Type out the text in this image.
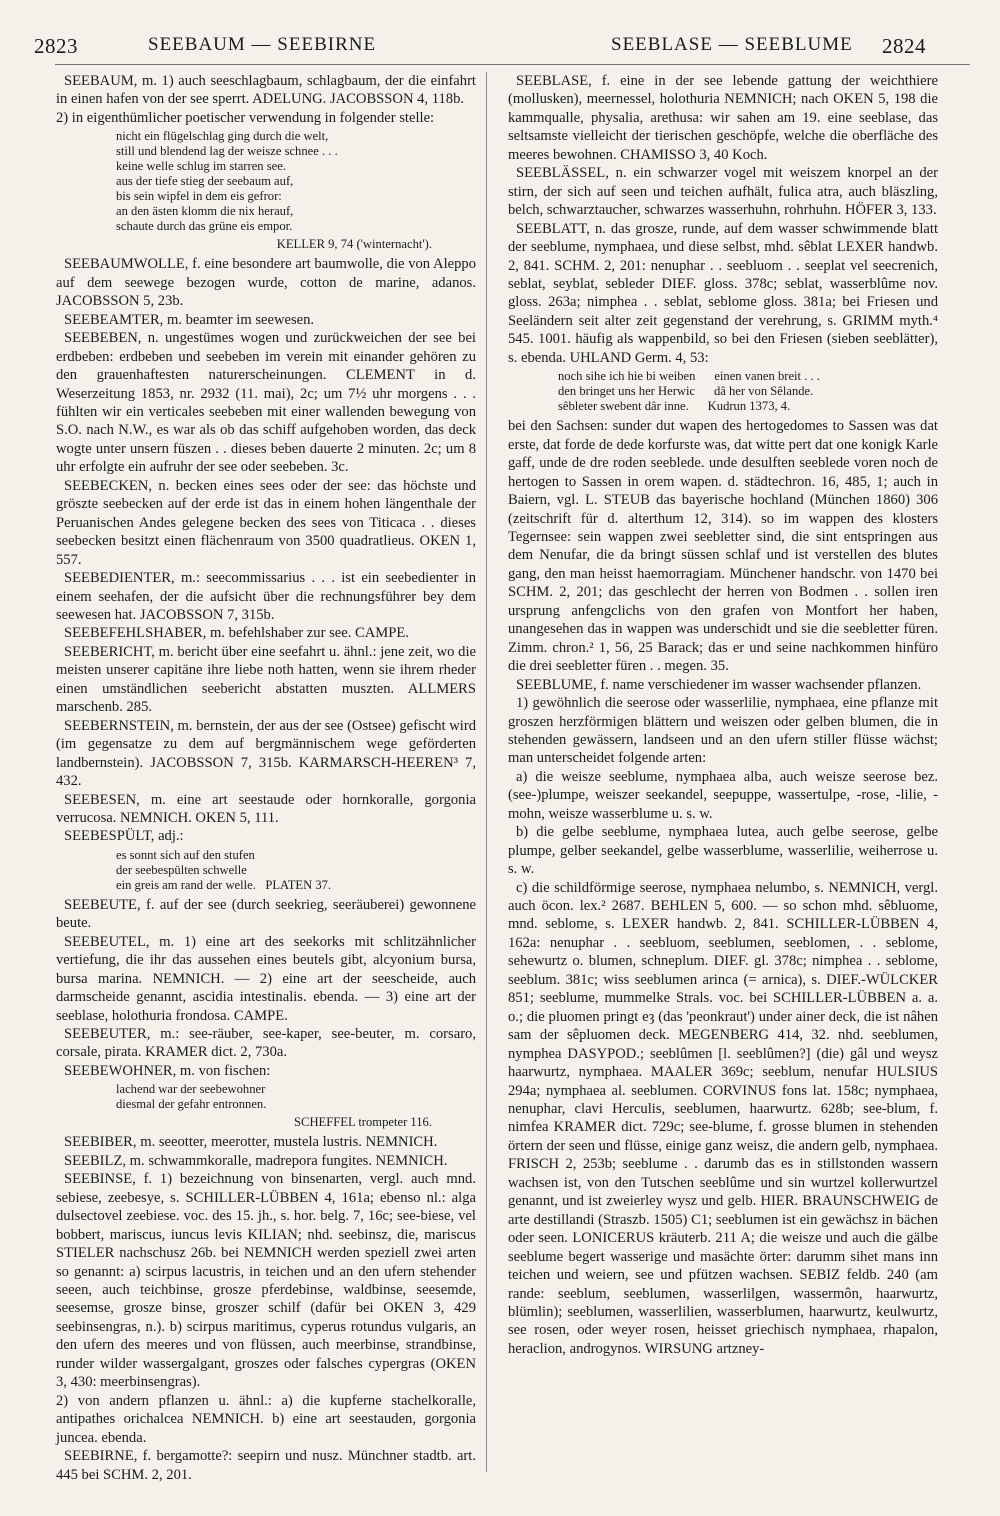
2823	SEEBAUM — SEEBIRNE	SEEBLASE — SEEBLUME 2824

SEEBAUM, m. 1) auch seeschlagbaum, schlagbaum, der die einfahrt in einen hafen von der see sperrt. ADELUNG. JACOBSSON 4, 118b.

2) in eigenthümlicher poetischer verwendung in folgender stelle:

nicht ein flügelschlag ging durch die welt,
still und blendend lag der weisze schnee . . .
keine welle schlug im starren see.
aus der tiefe stieg der seebaum auf,
bis sein wipfel in dem eis gefror:
an den ästen klomm die nix herauf,
schaute durch das grüne eis empor.

KELLER 9, 74 ('winternacht').

SEEBAUMWOLLE, f. eine besondere art baumwolle, die von Aleppo auf dem seewege bezogen wurde, cotton de marine, adanos. JACOBSSON 5, 23b.

SEEBEAMTER, m. beamter im seewesen.

SEEBEBEN, n. ungestümes wogen und zurückweichen der see bei erdbeben: erdbeben und seebeben im verein mit einander gehören zu den grauenhaftesten naturerscheinungen. CLEMENT in d. Weserzeitung 1853, nr. 2932 (11. mai), 2c; um 7½ uhr morgens . . . fühlten wir ein verticales seebeben mit einer wallenden bewegung von S.O. nach N.W., es war als ob das schiff aufgehoben worden, das deck wogte unter unsern füszen . . dieses beben dauerte 2 minuten. 2c; um 8 uhr erfolgte ein aufruhr der see oder seebeben. 3c.

SEEBECKEN, n. becken eines sees oder der see: das höchste und gröszte seebecken auf der erde ist das in einem hohen längenthale der Peruanischen Andes gelegene becken des sees von Titicaca . . dieses seebecken besitzt einen flächenraum von 3500 quadratlieus. OKEN 1, 557.

SEEBEDIENTER, m.: seecommissarius . . . ist ein seebedienter in einem seehafen, der die aufsicht über die rechnungsführer bey dem seewesen hat. JACOBSSON 7, 315b.

SEEBEFEHLSHABER, m. befehlshaber zur see. CAMPE.

SEEBERICHT, m. bericht über eine seefahrt u. ähnl.: jene zeit, wo die meisten unserer capitäne ihre liebe noth hatten, wenn sie ihrem rheder einen umständlichen seebericht abstatten muszten. ALLMERS marschenb. 285.

SEEBERNSTEIN, m. bernstein, der aus der see (Ostsee) gefischt wird (im gegensatze zu dem auf bergmännischem wege geförderten landbernstein). JACOBSSON 7, 315b. KARMARSCH-HEEREN³ 7, 432.

SEEBESEN, m. eine art seestaude oder hornkoralle, gorgonia verrucosa. NEMNICH. OKEN 5, 111.

SEEBESPÜLT, adj.:

es sonnt sich auf den stufen
der seebespülten schwelle
ein greis am rand der welle.   PLATEN 37.

SEEBEUTE, f. auf der see (durch seekrieg, seeräuberei) gewonnene beute.

SEEBEUTEL, m. 1) eine art des seekorks mit schlitzähnlicher vertiefung, die ihr das aussehen eines beutels gibt, alcyonium bursa, bursa marina. NEMNICH. — 2) eine art der seescheide, auch darmscheide genannt, ascidia intestinalis. ebenda. — 3) eine art der seeblase, holothuria frondosa. CAMPE.

SEEBEUTER, m.: see-räuber, see-kaper, see-beuter, m. corsaro, corsale, pirata. KRAMER dict. 2, 730a.

SEEBEWOHNER, m. von fischen:

lachend war der seebewohner
diesmal der gefahr entronnen.

SCHEFFEL trompeter 116.

SEEBIBER, m. seeotter, meerotter, mustela lustris. NEMNICH.

SEEBILZ, m. schwammkoralle, madrepora fungites. NEMNICH.

SEEBINSE, f. 1) bezeichnung von binsenarten, vergl. auch mnd. sebiese, zeebesye, s. SCHILLER-LÜBBEN 4, 161a; ebenso nl.: alga dulsectovel zeebiese. voc. des 15. jh., s. hor. belg. 7, 16c; see-biese, vel bobbert, mariscus, iuncus levis KILIAN; nhd. seebinsz, die, mariscus STIELER nachschusz 26b. bei NEMNICH werden speziell zwei arten so genannt: a) scirpus lacustris, in teichen und an den ufern stehender seeen, auch teichbinse, grosze pferdebinse, waldbinse, seesemde, seesemse, grosze binse, groszer schilf (dafür bei OKEN 3, 429 seebinsengras, n.). b) scirpus maritimus, cyperus rotundus vulgaris, an den ufern des meeres und von flüssen, auch meerbinse, strandbinse, runder wilder wassergalgant, groszes oder falsches cypergras (OKEN 3, 430: meerbinsengras).

2) von andern pflanzen u. ähnl.: a) die kupferne stachelkoralle, antipathes orichalcea NEMNICH. b) eine art seestauden, gorgonia juncea. ebenda.

SEEBIRNE, f. bergamotte?: seepirn und nusz. Münchner stadtb. art. 445 bei SCHM. 2, 201.

SEEBLASE, f. eine in der see lebende gattung der weichthiere (mollusken), meernessel, holothuria NEMNICH; nach OKEN 5, 198 die kammqualle, physalia, arethusa: wir sahen am 19. eine seeblase, das seltsamste vielleicht der tierischen geschöpfe, welche die oberfläche des meeres bewohnen. CHAMISSO 3, 40 Koch.

SEEBLÄSSEL, n. ein schwarzer vogel mit weiszem knorpel an der stirn, der sich auf seen und teichen aufhält, fulica atra, auch bläszling, belch, schwarztaucher, schwarzes wasserhuhn, rohrhuhn. HÖFER 3, 133.

SEEBLATT, n. das grosze, runde, auf dem wasser schwimmende blatt der seeblume, nymphaea, und diese selbst, mhd. sêblat LEXER handwb. 2, 841. SCHM. 2, 201: nenuphar . . seebluom . . seeplat vel seecrenich, seblat, seyblat, sebleder DIEF. gloss. 378c; seblat, wasserblûme nov. gloss. 263a; nimphea . . seblat, seblome gloss. 381a; bei Friesen und Seeländern seit alter zeit gegenstand der verehrung, s. GRIMM myth.⁴ 545. 1001. häufig als wappenbild, so bei den Friesen (sieben seeblätter), s. ebenda. UHLAND Germ. 4, 53:

noch sihe ich hie bi weiben      einen vanen breit . . .
den bringet uns her Herwic      dâ her von Sêlande.
sêbleter swebent dâr inne.      Kudrun 1373, 4.

bei den Sachsen: sunder dut wapen des hertogedomes to Sassen was dat erste, dat forde de dede korfurste was, dat witte pert dat one konigk Karle gaff, unde de dre roden seeblede. unde desulften seeblede voren noch de hertogen to Sassen in orem wapen. d. städtechron. 16, 485, 1; auch in Baiern, vgl. L. STEUB das bayerische hochland (München 1860) 306 (zeitschrift für d. alterthum 12, 314). so im wappen des klosters Tegernsee: sein wappen zwei seebletter sind, die sint entspringen aus dem Nenufar, die da bringt süssen schlaf und ist verstellen des blutes gang, den man heisst haemorragiam. Münchener handschr. von 1470 bei SCHM. 2, 201; das geschlecht der herren von Bodmen . . sollen iren ursprung anfengclichs von den grafen von Montfort her haben, unangesehen das in wappen was underschidt und sie die seebletter füren. Zimm. chron.² 1, 56, 25 Barack; das er und seine nachkommen hinfüro die drei seebletter füren . . megen. 35.

SEEBLUME, f. name verschiedener im wasser wachsender pflanzen.

1) gewöhnlich die seerose oder wasserlilie, nymphaea, eine pflanze mit groszen herzförmigen blättern und weiszen oder gelben blumen, die in stehenden gewässern, landseen und an den ufern stiller flüsse wächst; man unterscheidet folgende arten:

a) die weisze seeblume, nymphaea alba, auch weisze seerose bez. (see-)plumpe, weiszer seekandel, seepuppe, wassertulpe, -rose, -lilie, -mohn, weisze wasserblume u. s. w.

b) die gelbe seeblume, nymphaea lutea, auch gelbe seerose, gelbe plumpe, gelber seekandel, gelbe wasserblume, wasserlilie, weiherrose u. s. w.

c) die schildförmige seerose, nymphaea nelumbo, s. NEMNICH, vergl. auch öcon. lex.² 2687. BEHLEN 5, 600. — so schon mhd. sêbluome, mnd. seblome, s. LEXER handwb. 2, 841. SCHILLER-LÜBBEN 4, 162a: nenuphar . . seebluom, seeblumen, seeblomen, . . seblome, sehewurtz o. blumen, schneplum. DIEF. gl. 378c; nimphea . . seblome, seeblum. 381c; wiss seeblumen arinca (= arnica), s. DIEF.-WÜLCKER 851; seeblume, mummelke Strals. voc. bei SCHILLER-LÜBBEN a. a. o.; die pluomen pringt eȝ (das 'peonkraut') under ainer deck, die ist nâhen sam der sêpluomen deck. MEGENBERG 414, 32. nhd. seeblumen, nymphea DASYPOD.; seeblûmen [l. seeblûmen?] (die) gâl und weysz haarwurtz, nymphaea. MAALER 369c; seeblum, nenufar HULSIUS 294a; nymphaea al. seeblumen. CORVINUS fons lat. 158c; nymphaea, nenuphar, clavi Herculis, seeblumen, haarwurtz. 628b; see-blum, f. nimfea KRAMER dict. 729c; see-blume, f. grosse blumen in stehenden örtern der seen und flüsse, einige ganz weisz, die andern gelb, nymphaea. FRISCH 2, 253b; seeblume . . darumb das es in stillstonden wassern wachsen ist, von den Tutschen seeblûme und sin wurtzel kollerwurtzel genannt, und ist zweierley wysz und gelb. HIER. BRAUNSCHWEIG de arte destillandi (Straszb. 1505) C1; seeblumen ist ein gewächsz in bächen oder seen. LONICERUS kräuterb. 211 A; die weisze und auch die gälbe seeblume begert wasserige und masächte örter: darumm sihet mans inn teichen und weiern, see und pfützen wachsen. SEBIZ feldb. 240 (am rande: seeblum, seeblumen, wasserlilgen, wassermôn, haarwurtz, blümlin); seeblumen, wasserlilien, wasserblumen, haarwurtz, keulwurtz, see rosen, oder weyer rosen, heisset griechisch nymphaea, rhapalon, heraclion, androgynos. WIRSUNG artzney-
